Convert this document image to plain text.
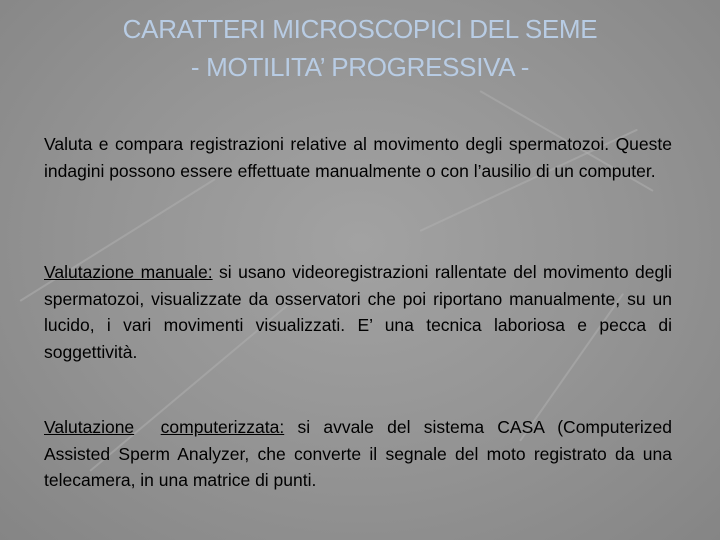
CARATTERI MICROSCOPICI DEL SEME
- MOTILITA’ PROGRESSIVA -
Valuta e compara registrazioni relative al movimento degli spermatozoi. Queste indagini possono essere effettuate manualmente o con l’ausilio di un computer.
Valutazione manuale: si usano videoregistrazioni rallentate del movimento degli spermatozoi, visualizzate da osservatori che poi riportano manualmente, su un lucido, i vari movimenti visualizzati. E’ una tecnica laboriosa e pecca di soggettività.
Valutazione computerizzata: si avvale del sistema CASA (Computerized Assisted Sperm Analyzer, che converte il segnale del moto registrato da una telecamera, in una matrice di punti.
